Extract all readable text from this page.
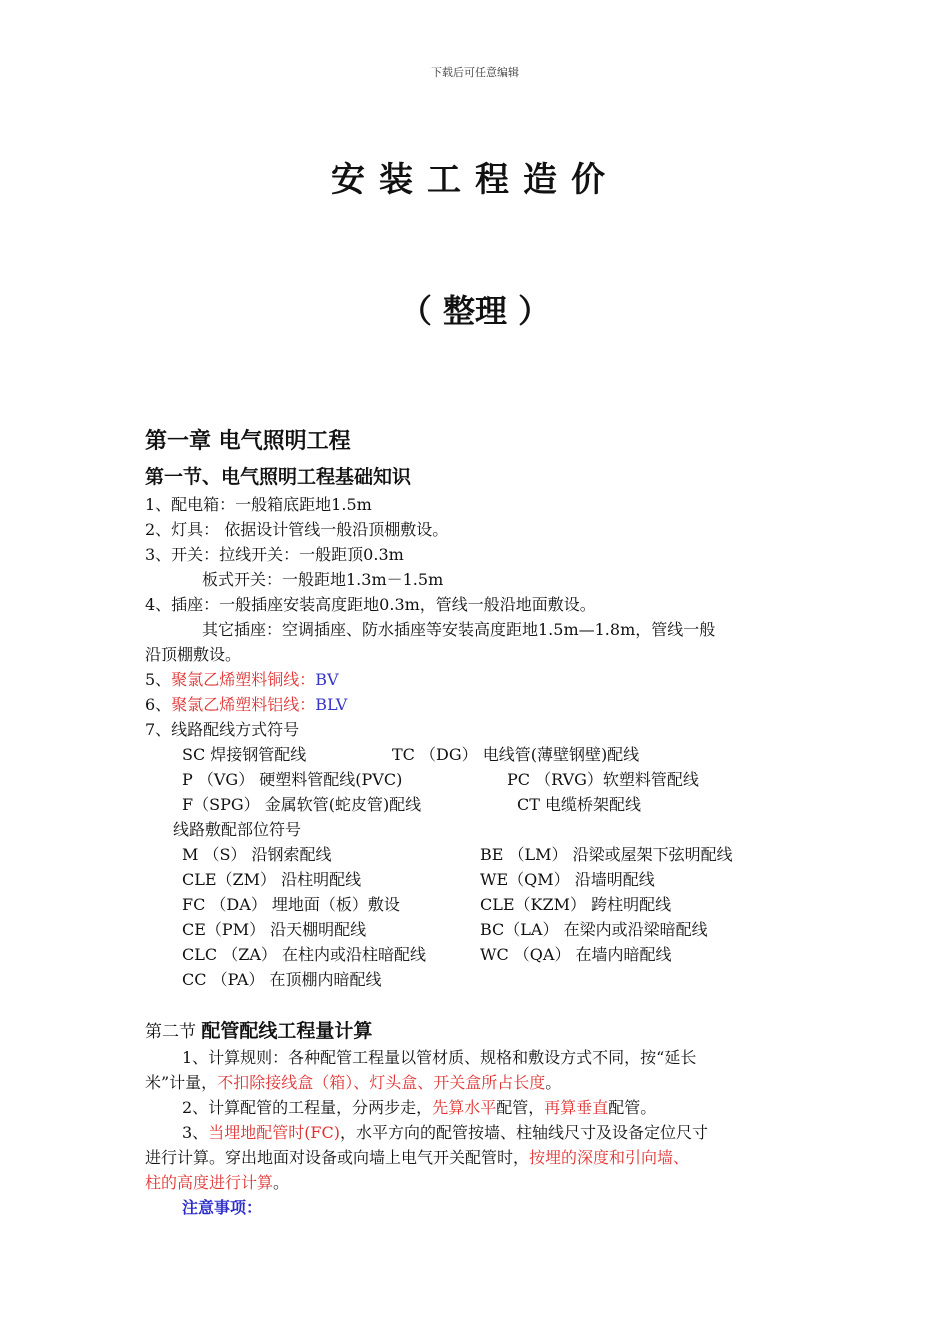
下载后可任意编辑
安装工程造价
（ 整理 ）
第一章 电气照明工程
第一节、电气照明工程基础知识
1、配电箱：一般箱底距地1.5m
2、灯具： 依据设计管线一般沿顶棚敷设。
3、开关：拉线开关：一般距顶0.3m
板式开关：一般距地1.3m－1.5m
4、插座：一般插座安装高度距地0.3m，管线一般沿地面敷设。
其它插座：空调插座、防水插座等安装高度距地1.5m—1.8m，管线一般
沿顶棚敷设。
5、聚氯乙烯塑料铜线：BV
6、聚氯乙烯塑料铝线：BLV
7、线路配线方式符号
SC 焊接钢管配线	TC （DG） 电线管(薄壁钢壁)配线
P （VG） 硬塑料管配线(PVC)	PC （RVG）软塑料管配线
F（SPG） 金属软管(蛇皮管)配线	CT 电缆桥架配线
线路敷配部位符号
M （S） 沿钢索配线	BE （LM） 沿梁或屋架下弦明配线
CLE（ZM） 沿柱明配线	WE（QM） 沿墙明配线
FC （DA） 埋地面（板）敷设	CLE（KZM） 跨柱明配线
CE（PM） 沿天棚明配线	BC（LA） 在梁内或沿梁暗配线
CLC （ZA） 在柱内或沿柱暗配线	WC （QA） 在墙内暗配线
CC （PA） 在顶棚内暗配线
第二节 配管配线工程量计算
1、计算规则：各种配管工程量以管材质、规格和敷设方式不同，按“延长
米”计量，不扣除接线盒（箱）、灯头盒、开关盒所占长度。
2、计算配管的工程量，分两步走，先算水平配管，再算垂直配管。
3、当埋地配管时(FC)，水平方向的配管按墙、柱轴线尺寸及设备定位尺寸
进行计算。穿出地面对设备或向墙上电气开关配管时，按埋的深度和引向墙、
柱的高度进行计算。
注意事项：
